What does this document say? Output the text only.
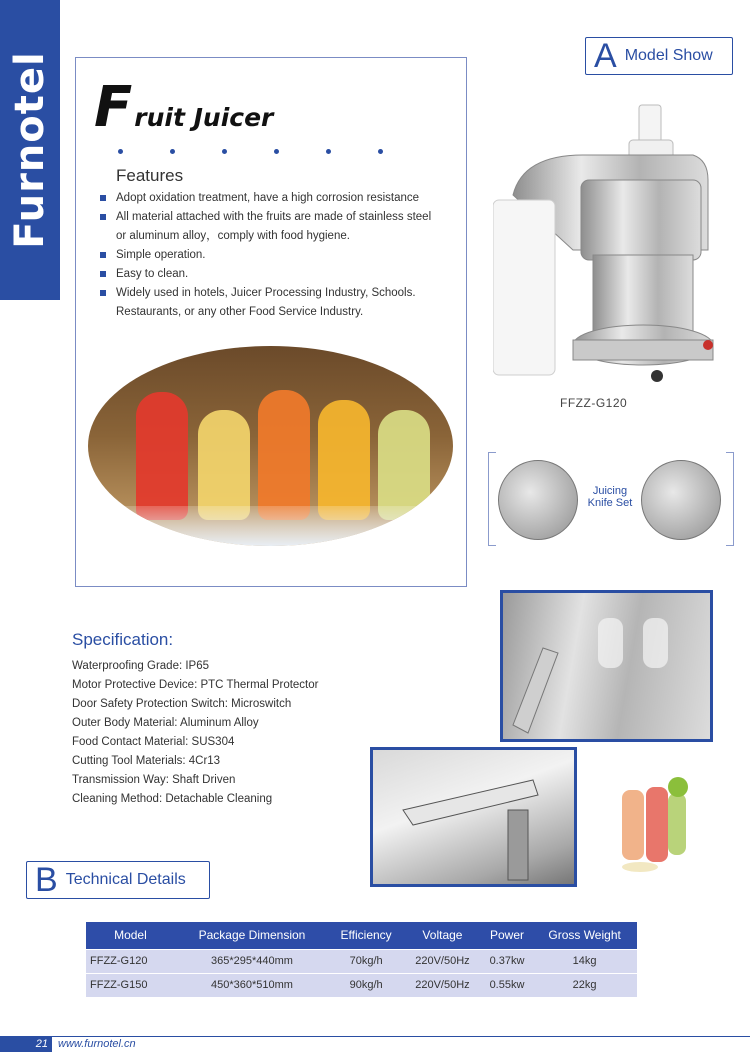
Furnotel Fruit Juicer
Features
Adopt oxidation treatment, have a high corrosion resistance
All material attached with the fruits are made of stainless steel or aluminum alloy，comply with food hygiene.
Simple operation.
Easy to clean.
Widely used in hotels, Juicer Processing Industry, Schools. Restaurants, or any other Food Service Industry.
A Model Show
FFZZ-G120
Juicing Knife Set
Specification:
Waterproofing Grade: IP65
Motor Protective Device: PTC Thermal Protector
Door Safety Protection Switch: Microswitch
Outer Body Material: Aluminum Alloy
Food Contact Material: SUS304
Cutting Tool Materials: 4Cr13
Transmission Way: Shaft Driven
Cleaning Method: Detachable Cleaning
B Technical Details
Model	Package Dimension	Efficiency	Voltage	Power	Gross Weight
FFZZ-G120	365*295*440mm	70kg/h	220V/50Hz	0.37kw	14kg
FFZZ-G150	450*360*510mm	90kg/h	220V/50Hz	0.55kw	22kg
21 www.furnotel.cn
